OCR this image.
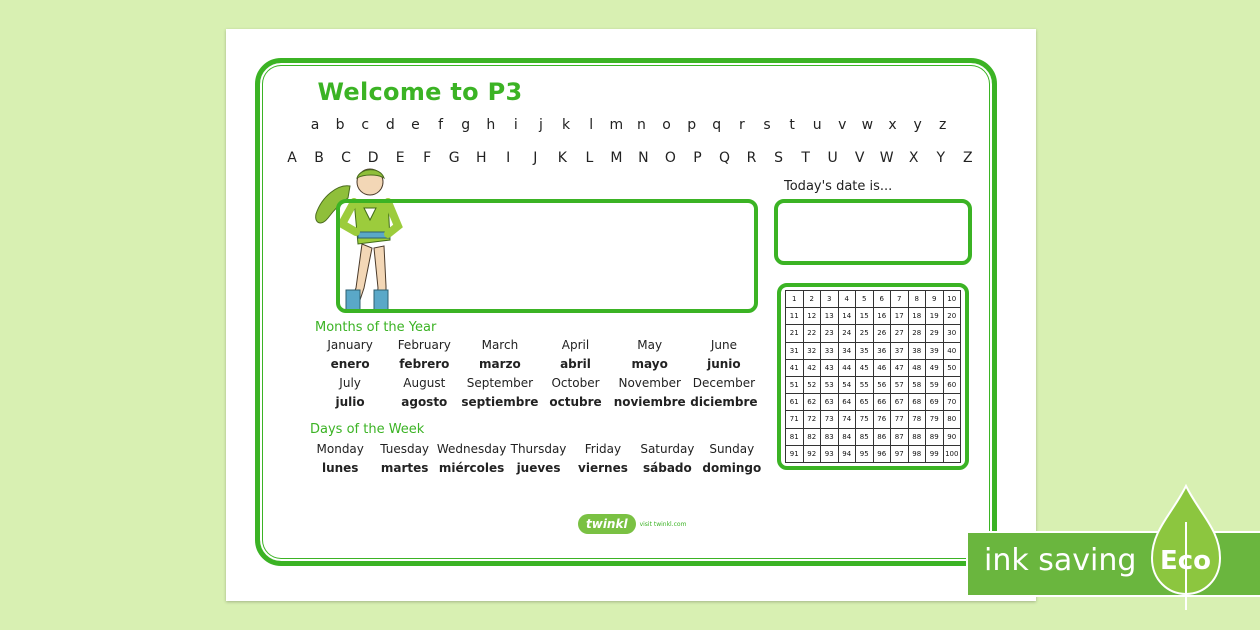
Welcome to P3
a b c d e	f	g h	i	j	k	l	m n o p q r s	t	u v w x y z
A B C D E F G H	I	J	K L M N O P Q R S T U V W X Y Z
Today's date is...
Months of the Year
January	February	March	April	May	June
enero	febrero	marzo	abril	mayo	junio
July	August	September	October	November December
julio	agosto	septiembre octubre	noviembre diciembre
Days of the Week
Monday	Tuesday Wednesday Thursday	Friday	Saturday	Sunday
lunes	martes miércoles	jueves	viernes	sábado domingo
1	2	3	4	5	6	7	8	9	10
11	12	13	14	15	16	17	18	19	20
21	22	23	24	25	26	27	28	29	30
31	32	33	34	35	36	37	38	39	40
41	42	43	44	45	46	47	48	49	50
51	52	53	54	55	56	57	58	59	60
61	62	63	64	65	66	67	68	69	70
71	72	73	74	75	76	77	78	79	80
81	82	83	84	85	86	87	88	89	90
91	92	93	94	95	96	97	98	99	100
twinkl	visit twinkl.com
ink saving Eco
